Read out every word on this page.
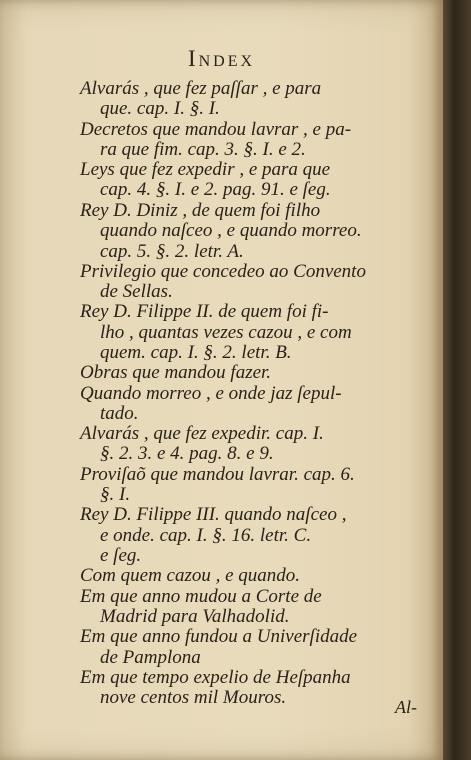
Index
Alvarás , que fez paſſar , e para
que. cap. I. §. I.
Decretos que mandou lavrar , e pa-
ra que fim. cap. 3. §. I. e 2.
Leys que fez expedir , e para que
cap. 4. §. I. e 2. pag. 91. e ſeg.
Rey D. Diniz , de quem foi filho
quando naſceo , e quando morreo.
cap. 5. §. 2. letr. A.
Privilegio que concedeo ao Convento
de Sellas.
Rey D. Filippe II. de quem foi fi-
lho , quantas vezes cazou , e com
quem. cap. I. §. 2. letr. B.
Obras que mandou fazer.
Quando morreo , e onde jaz ſepul-
tado.
Alvarás , que fez expedir. cap. I.
§. 2. 3. e 4. pag. 8. e 9.
Proviſaõ que mandou lavrar. cap. 6.
§. I.
Rey D. Filippe III. quando naſceo ,
e onde. cap. I. §. 16. letr. C.
e ſeg.
Com quem cazou , e quando.
Em que anno mudou a Corte de
Madrid para Valhadolid.
Em que anno fundou a Univerſidade
de Pamplona
Em que tempo expelio de Heſpanha
nove centos mil Mouros.	Al-
